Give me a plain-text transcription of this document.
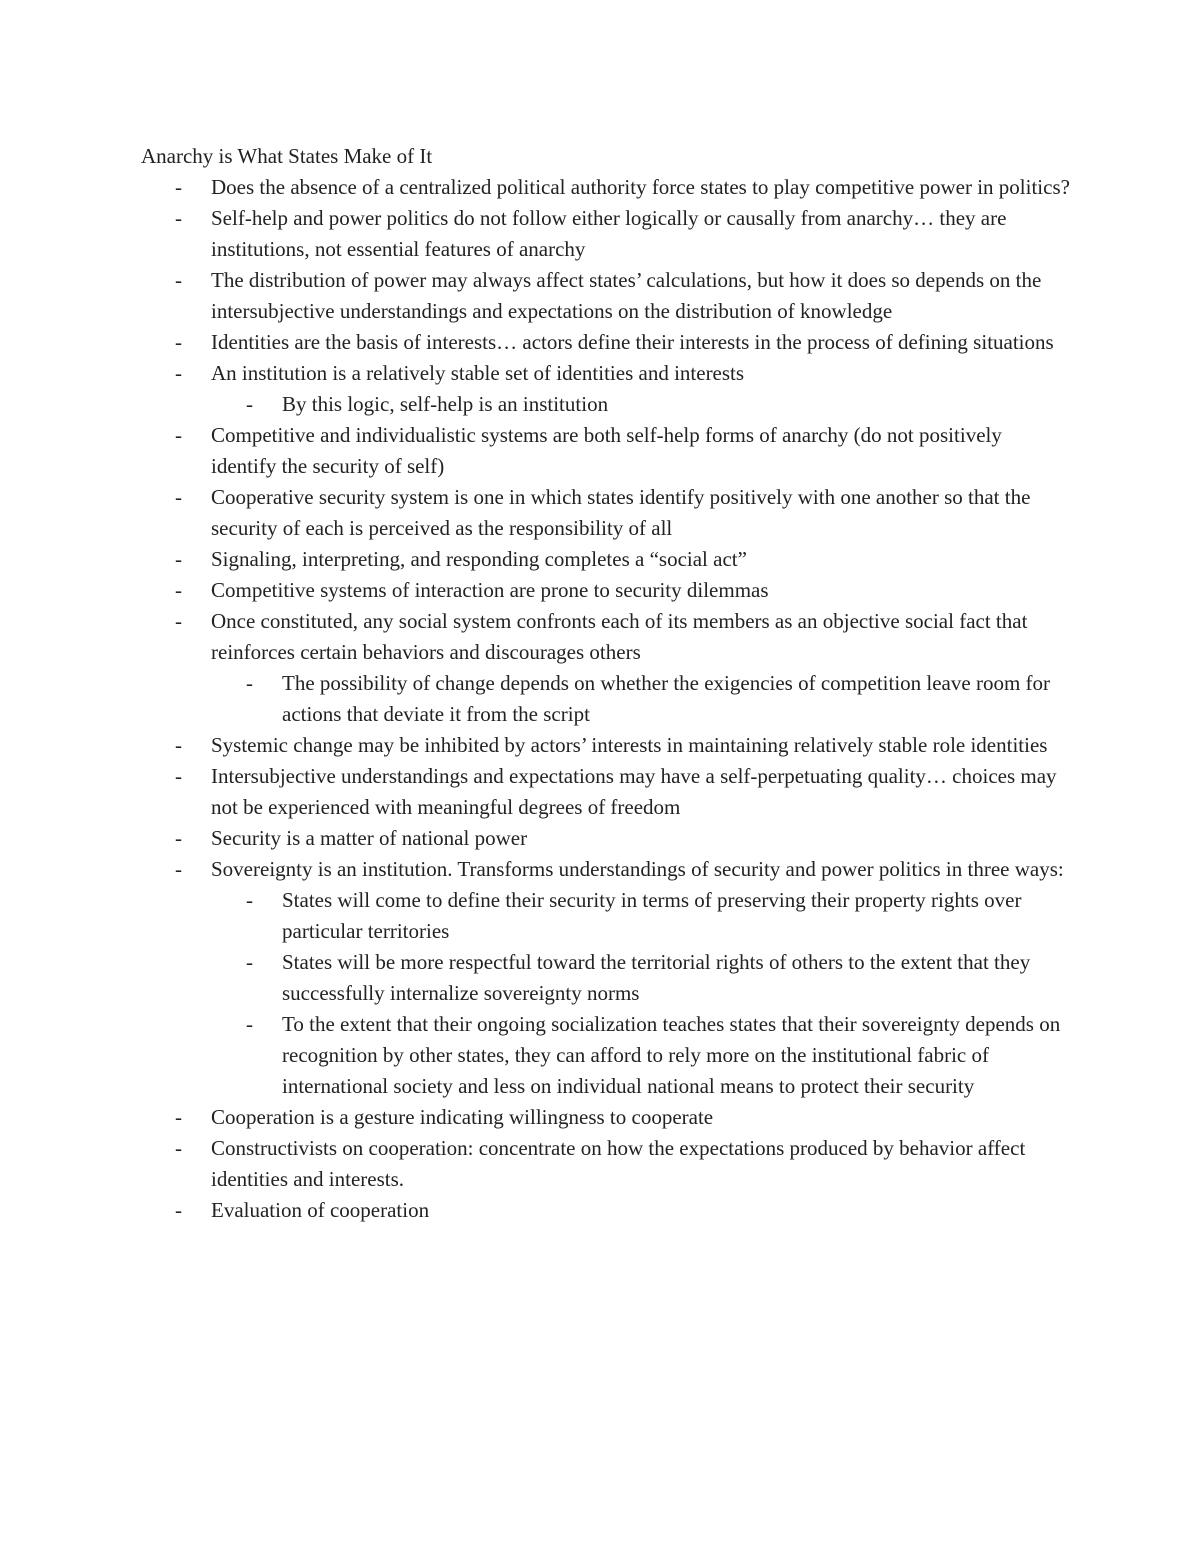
Anarchy is What States Make of It
- Does the absence of a centralized political authority force states to play competitive power in politics?
- Self-help and power politics do not follow either logically or causally from anarchy… they are institutions, not essential features of anarchy
- The distribution of power may always affect states’ calculations, but how it does so depends on the intersubjective understandings and expectations on the distribution of knowledge
- Identities are the basis of interests… actors define their interests in the process of defining situations
- An institution is a relatively stable set of identities and interests
- By this logic, self-help is an institution
- Competitive and individualistic systems are both self-help forms of anarchy (do not positively identify the security of self)
- Cooperative security system is one in which states identify positively with one another so that the security of each is perceived as the responsibility of all
- Signaling, interpreting, and responding completes a “social act”
- Competitive systems of interaction are prone to security dilemmas
- Once constituted, any social system confronts each of its members as an objective social fact that reinforces certain behaviors and discourages others
- The possibility of change depends on whether the exigencies of competition leave room for actions that deviate it from the script
- Systemic change may be inhibited by actors’ interests in maintaining relatively stable role identities
- Intersubjective understandings and expectations may have a self-perpetuating quality… choices may not be experienced with meaningful degrees of freedom
- Security is a matter of national power
- Sovereignty is an institution. Transforms understandings of security and power politics in three ways:
- States will come to define their security in terms of preserving their property rights over particular territories
- States will be more respectful toward the territorial rights of others to the extent that they successfully internalize sovereignty norms
- To the extent that their ongoing socialization teaches states that their sovereignty depends on recognition by other states, they can afford to rely more on the institutional fabric of international society and less on individual national means to protect their security
- Cooperation is a gesture indicating willingness to cooperate
- Constructivists on cooperation: concentrate on how the expectations produced by behavior affect identities and interests.
- Evaluation of cooperation
